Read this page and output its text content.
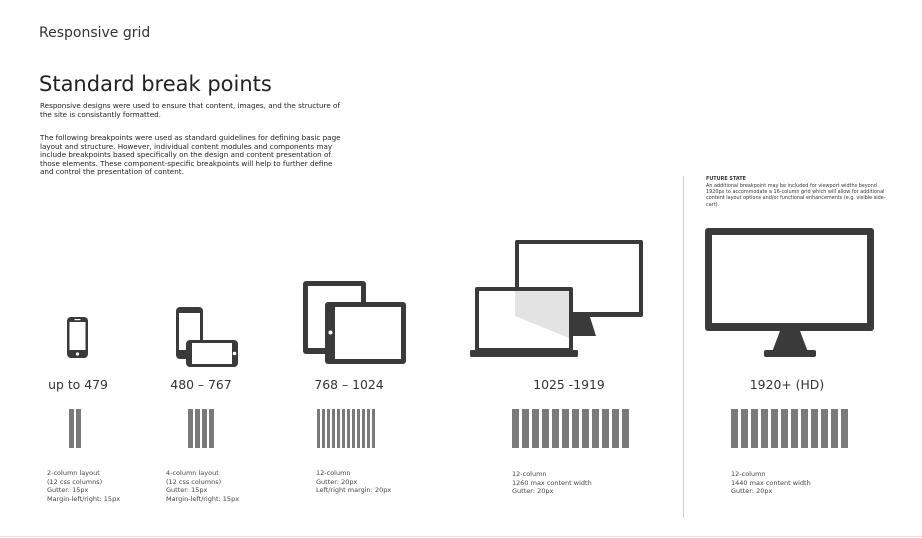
Responsive grid
Standard break points
Responsive designs were used to ensure that content, images, and the structure of the site is consistantly formatted.
The following breakpoints were used as standard guidelines for defining basic page layout and structure. However, individual content modules and components may include breakpoints based specifically on the design and content presentation of those elements. These component-specific breakpoints will help to further define and control the presentation of content.
FUTURE STATE
An additional breakpoint may be included for viewport widths beyond 1920px to accommodate a 16-column grid which will allow for additional content layout options and/or functional enhancements (e.g. visible side-cart).
up to 479	480 – 767	768 – 1024	1025 -1919	1920+ (HD)
2-column layout
(12 css columns)
Gutter: 15px
Margin-left/right: 15px
4-column layout
(12 css columns)
Gutter: 15px
Margin-left/right: 15px
12-column
Gutter: 20px
Left/right margin: 20px
12-column
1260 max content width
Gutter: 20px
12-column
1440 max content width
Gutter: 20px
